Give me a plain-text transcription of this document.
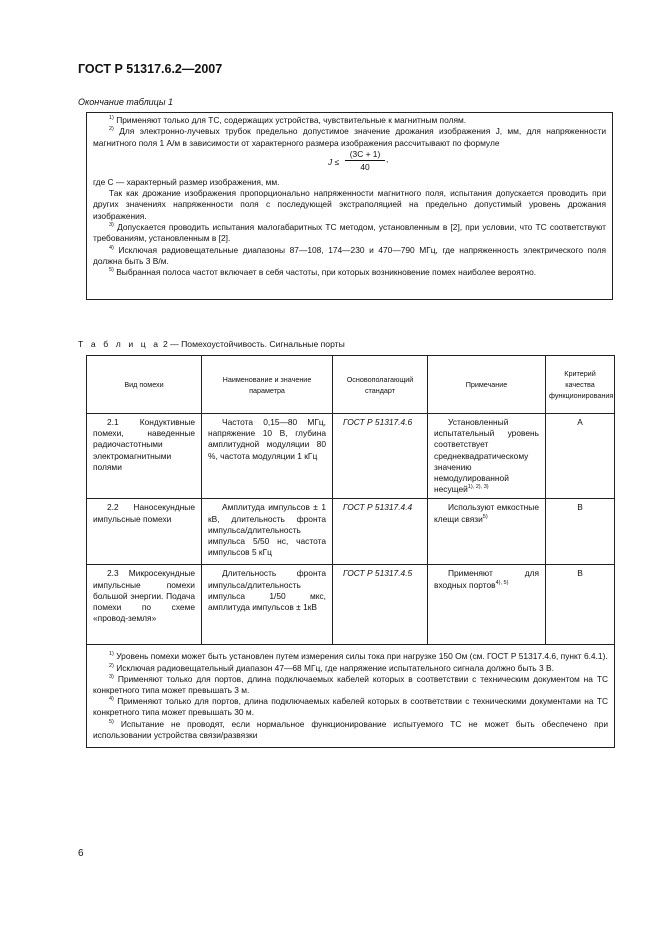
ГОСТ Р 51317.6.2—2007
Окончание таблицы 1

$^{1)}$ Применяют только для ТС, содержащих устройства, чувствительные к магнитным полям.

$^{2)}$ Для электронно-лучевых трубок предельно допустимое значение дрожания изображения J, мм, для напряженности магнитного поля 1 А/м в зависимости от характерного размера изображения рассчитывают по формуле

$J \le \frac{(3C + 1)}{40}$ ,

где С — характерный размер изображения, мм.

Так как дрожание изображения пропорционально напряженности магнитного поля, испытания допускается проводить при других значениях напряженности поля с последующей экстраполяцией на предельно допустимый уровень дрожания изображения.

$^{3)}$ Допускается проводить испытания малогабаритных ТС методом, установленным в [2], при условии, что ТС соответствуют требованиям, установленным в [2].

$^{4)}$ Исключая радиовещательные диапазоны 87—108, 174—230 и 470—790 МГц, где напряженность электрического поля должна быть 3 В/м.

$^{5)}$ Выбранная полоса частот включает в себя частоты, при которых возникновение помех наиболее вероятно.

Т а б л и ц а 2 — Помехоустойчивость. Сигнальные порты
Вид помехи	Наименование и значение параметра	Основополагающий стандарт	Примечание	Критерий качества функционирования
2.1 Кондуктивные помехи, наведенные радиочастотными электромагнитными полями	Частота 0,15—80 МГц, напряжение 10 В, глубина амплитудной модуляции 80 %, частота модуляции 1 кГц	ГОСТ Р 51317.4.6	Установленный испытательный уровень соответствует среднеквадратическому значению немодулированной несущей$^{1), 2), 3)}$	А
2.2 Наносекундные импульсные помехи	Амплитуда импульсов ± 1 кВ, длительность фронта импульса/длительность импульса 5/50 нс, частота импульсов 5 кГц	ГОСТ Р 51317.4.4	Используют емкостные клещи связи$^{5)}$	В
2.3 Микросекундные импульсные помехи большой энергии. Подача помехи по схеме «провод-земля»	Длительность фронта импульса/длительность импульса 1/50 мкс, амплитуда импульсов ± 1кВ	ГОСТ Р 51317.4.5	Применяют для входных портов$^{4), 5)}$	В

$^{1)}$ Уровень помехи может быть установлен путем измерения силы тока при нагрузке 150 Ом (см. ГОСТ Р 51317.4.6, пункт 6.4.1).

$^{2)}$ Исключая радиовещательный диапазон 47—68 МГц, где напряжение испытательного сигнала должно быть 3 В.

$^{3)}$ Применяют только для портов, длина подключаемых кабелей которых в соответствии с техническим документом на ТС конкретного типа может превышать 3 м.

$^{4)}$ Применяют только для портов, длина подключаемых кабелей которых в соответствии с техническими документами на ТС конкретного типа может превышать 30 м.

$^{5)}$ Испытание не проводят, если нормальное функционирование испытуемого ТС не может быть обеспечено при использовании устройства связи/развязки				

6
